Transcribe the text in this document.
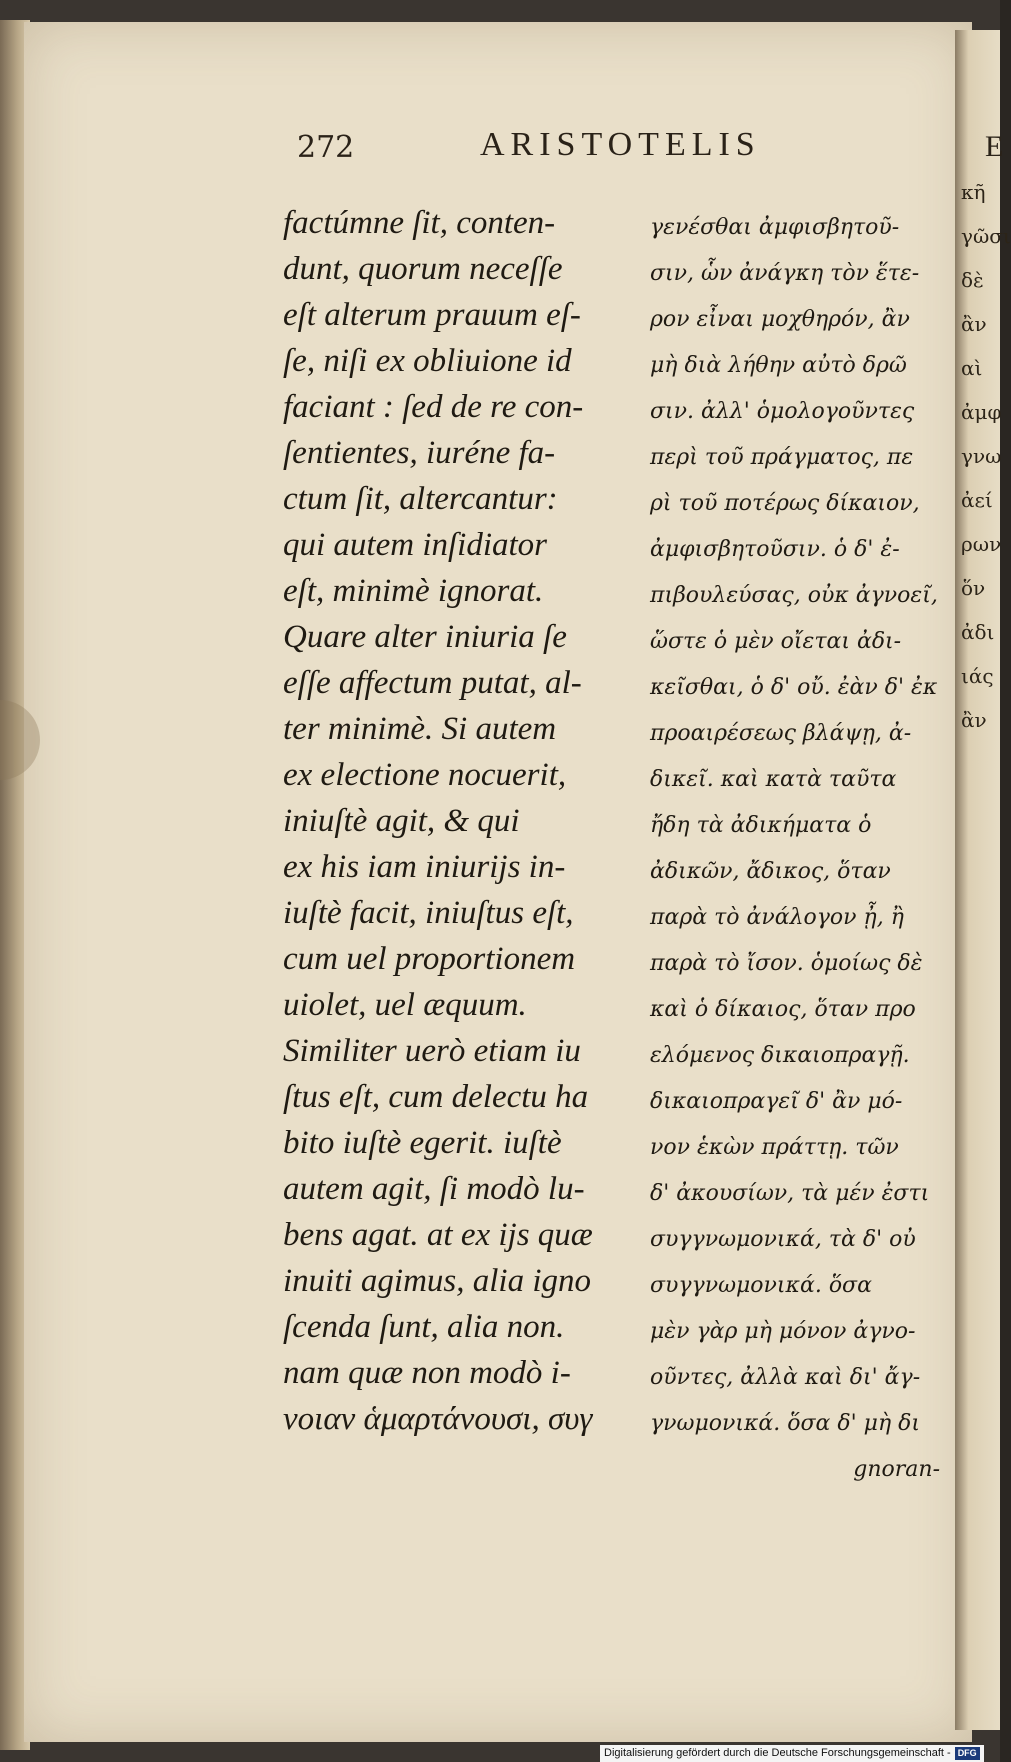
κῆ
γῶσι
δὲ
ἂν
αὶ
ἀμφ
γνω
ἀεί
ρων
ὅν
ἀδι
ιάς
ἂν
272	ARISTOTELIS	E
factúmne ſit, conten-
dunt, quorum neceſſe
eſt alterum prauum eſ-
ſe, niſi ex obliuione id
faciant : ſed de re con-
ſentientes, iuréne fa-
ctum ſit, altercantur:
qui autem inſidiator
eſt, minimè ignorat.
Quare alter iniuria ſe
eſſe affectum putat, al-
ter minimè. Si autem
ex electione nocuerit,
iniuſtè agit, & qui
ex his iam iniurijs in-
iuſtè facit, iniuſtus eſt,
cum uel proportionem
uiolet, uel æquum.
Similiter uerò etiam iu
ſtus eſt, cum delectu ha
bito iuſtè egerit. iuſtè
autem agit, ſi modò lu-
bens agat. at ex ijs quæ
inuiti agimus, alia igno
ſcenda ſunt, alia non.
nam quæ non modò i-
νοιαν ἁμαρτάνουσι, συγ
γενέσθαι ἀμφισβητοῦ-
σιν, ὧν ἀνάγκη τὸν ἕτε-
ρον εἶναι μοχθηρόν, ἂν
μὴ διὰ λήθην αὐτὸ δρῶ
σιν. ἀλλ' ὁμολογοῦντες
περὶ τοῦ πράγματος, πε
ρὶ τοῦ ποτέρως δίκαιον,
ἀμφισβητοῦσιν. ὁ δ' ἐ-
πιβουλεύσας, οὐκ ἀγνοεῖ,
ὥστε ὁ μὲν οἴεται ἀδι-
κεῖσθαι, ὁ δ' οὔ. ἐὰν δ' ἐκ
προαιρέσεως βλάψῃ, ἀ-
δικεῖ. καὶ κατὰ ταῦτα
ἤδη τὰ ἀδικήματα ὁ
ἀδικῶν, ἄδικος, ὅταν
παρὰ τὸ ἀνάλογον ᾖ, ἢ
παρὰ τὸ ἴσον. ὁμοίως δὲ
καὶ ὁ δίκαιος, ὅταν προ
ελόμενος δικαιοπραγῇ.
δικαιοπραγεῖ δ' ἂν μό-
νον ἑκὼν πράττῃ. τῶν
δ' ἀκουσίων, τὰ μέν ἐστι
συγγνωμονικά, τὰ δ' οὐ
συγγνωμονικά. ὅσα
μὲν γὰρ μὴ μόνον ἀγνο-
οῦντες, ἀλλὰ καὶ δι' ἄγ-
γνωμονικά. ὅσα δ' μὴ δι
gnoran-
Digitalisierung gefördert durch die Deutsche Forschungsgemeinschaft - DFG
